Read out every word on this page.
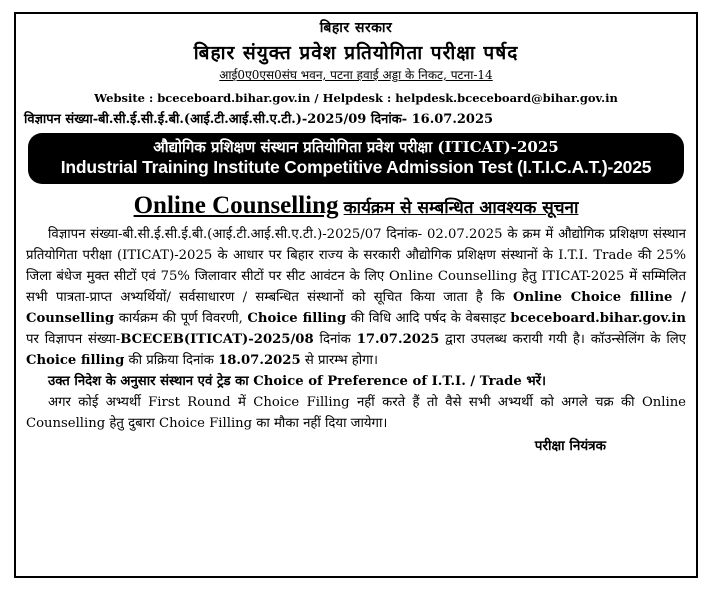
बिहार सरकार
बिहार संयुक्त प्रवेश प्रतियोगिता परीक्षा पर्षद
आई0ए0एस0संघ भवन, पटना हवाई अड्डा के निकट, पटना-14
Website : bceceboard.bihar.gov.in / Helpdesk : helpdesk.bceceboard@bihar.gov.in
विज्ञापन संख्या-बी.सी.ई.सी.ई.बी.(आई.टी.आई.सी.ए.टी.)-2025/09 दिनांक- 16.07.2025
औद्योगिक प्रशिक्षण संस्थान प्रतियोगिता प्रवेश परीक्षा (ITICAT)-2025
Industrial Training Institute Competitive Admission Test (I.T.I.C.A.T.)-2025
Online Counselling कार्यक्रम से सम्बन्धित आवश्यक सूचना

विज्ञापन संख्या-बी.सी.ई.सी.ई.बी.(आई.टी.आई.सी.ए.टी.)-2025/07 दिनांक- 02.07.2025 के क्रम में औद्योगिक प्रशिक्षण संस्थान प्रतियोगिता परीक्षा (ITICAT)-2025 के आधार पर बिहार राज्य के सरकारी औद्योगिक प्रशिक्षण संस्थानों के I.T.I. Trade की 25% जिला बंधेज मुक्त सीटों एवं 75% जिलावार सीटों पर सीट आवंटन के लिए Online Counselling हेतु ITICAT-2025 में सम्मिलित सभी पात्रता-प्राप्त अभ्यर्थियों/ सर्वसाधारण / सम्बन्धित संस्थानों को सूचित किया जाता है कि Online Choice filline / Counselling कार्यक्रम की पूर्ण विवरणी, Choice filling की विधि आदि पर्षद के वेबसाइट bceceboard.bihar.gov.in पर विज्ञापन संख्या-BCECEB(ITICAT)-2025/08 दिनांक 17.07.2025 द्वारा उपलब्ध करायी गयी है। कॉउन्सेलिंग के लिए Choice filling की प्रक्रिया दिनांक 18.07.2025 से प्रारम्भ होगा।

उक्त निदेश के अनुसार संस्थान एवं ट्रेड का Choice of Preference of I.T.I. / Trade भरें।

अगर कोई अभ्यर्थी First Round में Choice Filling नहीं करते हैं तो वैसे सभी अभ्यर्थी को अगले चक्र की Online Counselling हेतु दुबारा Choice Filling का मौका नहीं दिया जायेगा।

परीक्षा नियंत्रक
